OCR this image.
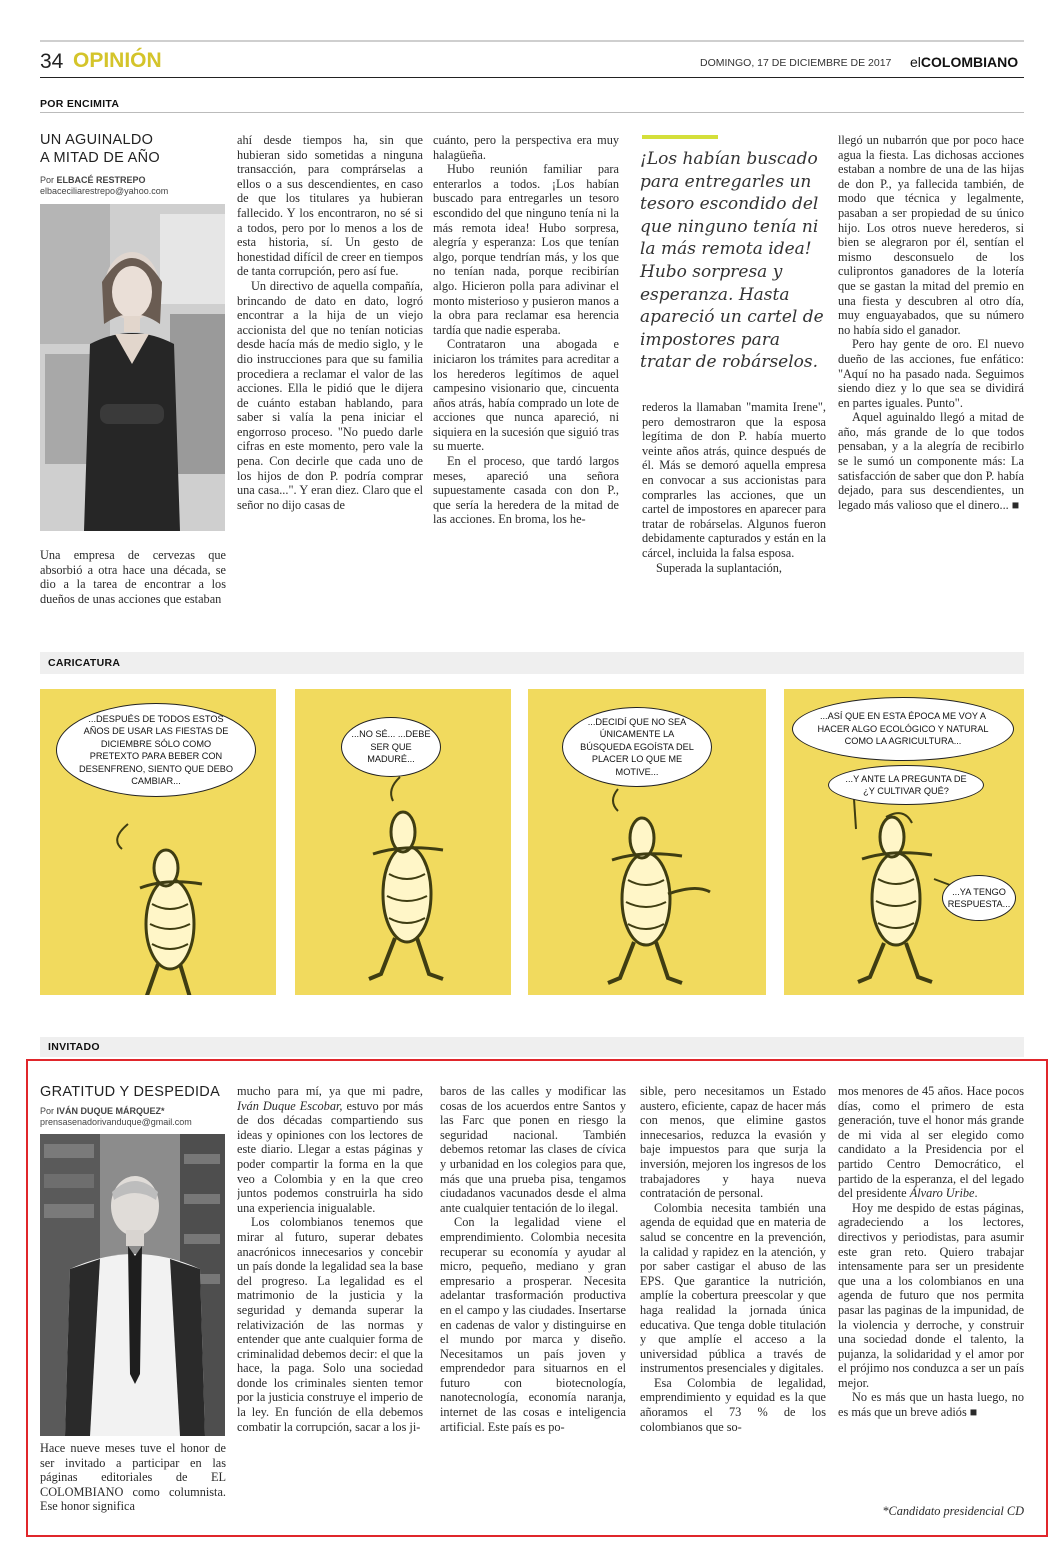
34 OPINIÓN	DOMINGO, 17 DE DICIEMBRE DE 2017 elCOLOMBIANO
POR ENCIMITA
UN AGUINALDO
A MITAD DE AÑO
Por ELBACÉ RESTREPO
elbaceciliarestrepo@yahoo.com

Una empresa de cervezas que absorbió a otra hace una década, se dio a la tarea de encontrar a los dueños de unas acciones que estaban

ahí desde tiempos ha, sin que hubieran sido sometidas a ninguna transacción, para comprárselas a ellos o a sus descendientes, en caso de que los titulares ya hubieran fallecido. Y los encontraron, no sé si a todos, pero por lo menos a los de esta historia, sí. Un gesto de honestidad difícil de creer en tiempos de tanta corrupción, pero así fue.

Un directivo de aquella compañía, brincando de dato en dato, logró encontrar a la hija de un viejo accionista del que no tenían noticias desde hacía más de medio siglo, y le dio instrucciones para que su familia procediera a reclamar el valor de las acciones. Ella le pidió que le dijera de cuánto estaban hablando, para saber si valía la pena iniciar el engorroso proceso. "No puedo darle cifras en este momento, pero vale la pena. Con decirle que cada uno de los hijos de don P. podría comprar una casa...". Y eran diez. Claro que el señor no dijo casas de

cuánto, pero la perspectiva era muy halagüeña.

Hubo reunión familiar para enterarlos a todos. ¡Los habían buscado para entregarles un tesoro escondido del que ninguno tenía ni la más remota idea! Hubo sorpresa, alegría y esperanza: Los que tenían algo, porque tendrían más, y los que no tenían nada, porque recibirían algo. Hicieron polla para adivinar el monto misterioso y pusieron manos a la obra para reclamar esa herencia tardía que nadie esperaba.

Contrataron una abogada e iniciaron los trámites para acreditar a los herederos legítimos de aquel campesino visionario que, cincuenta años atrás, había comprado un lote de acciones que nunca apareció, ni siquiera en la sucesión que siguió tras su muerte.

En el proceso, que tardó largos meses, apareció una señora supuestamente casada con don P., que sería la heredera de la mitad de las acciones. En broma, los he-

¡Los habían buscado para entregarles un tesoro escondido del que ninguno tenía ni la más remota idea! Hubo sorpresa y esperanza. Hasta apareció un cartel de impostores para tratar de robárselos.

rederos la llamaban "mamita Irene", pero demostraron que la esposa legítima de don P. había muerto veinte años atrás, quince después de él. Más se demoró aquella empresa en convocar a sus accionistas para comprarles las acciones, que un cartel de impostores en aparecer para tratar de robárselas. Algunos fueron debidamente capturados y están en la cárcel, incluida la falsa esposa.

Superada la suplantación,

llegó un nubarrón que por poco hace agua la fiesta. Las dichosas acciones estaban a nombre de una de las hijas de don P., ya fallecida también, de modo que técnica y legalmente, pasaban a ser propiedad de su único hijo. Los otros nueve herederos, si bien se alegraron por él, sentían el mismo desconsuelo de los culiprontos ganadores de la lotería que se gastan la mitad del premio en una fiesta y descubren al otro día, muy enguayabados, que su número no había sido el ganador.

Pero hay gente de oro. El nuevo dueño de las acciones, fue enfático: "Aquí no ha pasado nada. Seguimos siendo diez y lo que sea se dividirá en partes iguales. Punto".

Aquel aguinaldo llegó a mitad de año, más grande de lo que todos pensaban, y a la alegría de recibirlo se le sumó un componente más: La satisfacción de saber que don P. había dejado, para sus descendientes, un legado más valioso que el dinero... ■

CARICATURA
...DESPUÉS DE TODOS ESTOS AÑOS DE USAR LAS FIESTAS DE DICIEMBRE SÓLO COMO PRETEXTO PARA BEBER CON DESENFRENO, SIENTO QUE DEBO CAMBIAR...
...NO SÉ... ...DEBE SER QUE MADURÉ...
...DECIDÍ QUE NO SEA ÚNICAMENTE LA BÚSQUEDA EGOÍSTA DEL PLACER LO QUE ME MOTIVE...
...ASÍ QUE EN ESTA ÉPOCA ME VOY A HACER ALGO ECOLÓGICO Y NATURAL COMO LA AGRICULTURA...
...Y ANTE LA PREGUNTA DE ¿Y CULTIVAR QUÉ?
...YA TENGO RESPUESTA...
INVITADO
GRATITUD Y DESPEDIDA
Por IVÁN DUQUE MÁRQUEZ*
prensasenadorivanduque@gmail.com

Hace nueve meses tuve el honor de ser invitado a participar en las páginas editoriales de EL COLOMBIANO como columnista. Ese honor significa

mucho para mí, ya que mi padre, Iván Duque Escobar, estuvo por más de dos décadas compartiendo sus ideas y opiniones con los lectores de este diario. Llegar a estas páginas y poder compartir la forma en la que veo a Colombia y en la que creo juntos podemos construirla ha sido una experiencia inigualable.

Los colombianos tenemos que mirar al futuro, superar debates anacrónicos innecesarios y concebir un país donde la legalidad sea la base del progreso. La legalidad es el matrimonio de la justicia y la seguridad y demanda superar la relativización de las normas y entender que ante cualquier forma de criminalidad debemos decir: el que la hace, la paga. Solo una sociedad donde los criminales sienten temor por la justicia construye el imperio de la ley. En función de ella debemos combatir la corrupción, sacar a los ji-

baros de las calles y modificar las cosas de los acuerdos entre Santos y las Farc que ponen en riesgo la seguridad nacional. También debemos retomar las clases de cívica y urbanidad en los colegios para que, más que una prueba pisa, tengamos ciudadanos vacunados desde el alma ante cualquier tentación de lo ilegal.

Con la legalidad viene el emprendimiento. Colombia necesita recuperar su economía y ayudar al micro, pequeño, mediano y gran empresario a prosperar. Necesita adelantar trasformación productiva en el campo y las ciudades. Insertarse en cadenas de valor y distinguirse en el mundo por marca y diseño. Necesitamos un país joven y emprendedor para situarnos en el futuro con biotecnología, nanotecnología, economía naranja, internet de las cosas e inteligencia artificial. Este país es po-

sible, pero necesitamos un Estado austero, eficiente, capaz de hacer más con menos, que elimine gastos innecesarios, reduzca la evasión y baje impuestos para que surja la inversión, mejoren los ingresos de los trabajadores y haya nueva contratación de personal.

Colombia necesita también una agenda de equidad que en materia de salud se concentre en la prevención, la calidad y rapidez en la atención, y por saber castigar el abuso de las EPS. Que garantice la nutrición, amplíe la cobertura preescolar y que haga realidad la jornada única educativa. Que tenga doble titulación y que amplíe el acceso a la universidad pública a través de instrumentos presenciales y digitales.

Esa Colombia de legalidad, emprendimiento y equidad es la que añoramos el 73 % de los colombianos que so-

mos menores de 45 años. Hace pocos días, como el primero de esta generación, tuve el honor más grande de mi vida al ser elegido como candidato a la Presidencia por el partido Centro Democrático, el partido de la esperanza, el del legado del presidente Álvaro Uribe.

Hoy me despido de estas páginas, agradeciendo a los lectores, directivos y periodistas, para asumir este gran reto. Quiero trabajar intensamente para ser un presidente que una a los colombianos en una agenda de futuro que nos permita pasar las paginas de la impunidad, de la violencia y derroche, y construir una sociedad donde el talento, la pujanza, la solidaridad y el amor por el prójimo nos conduzca a ser un país mejor.

No es más que un hasta luego, no es más que un breve adiós ■

*Candidato presidencial CD
